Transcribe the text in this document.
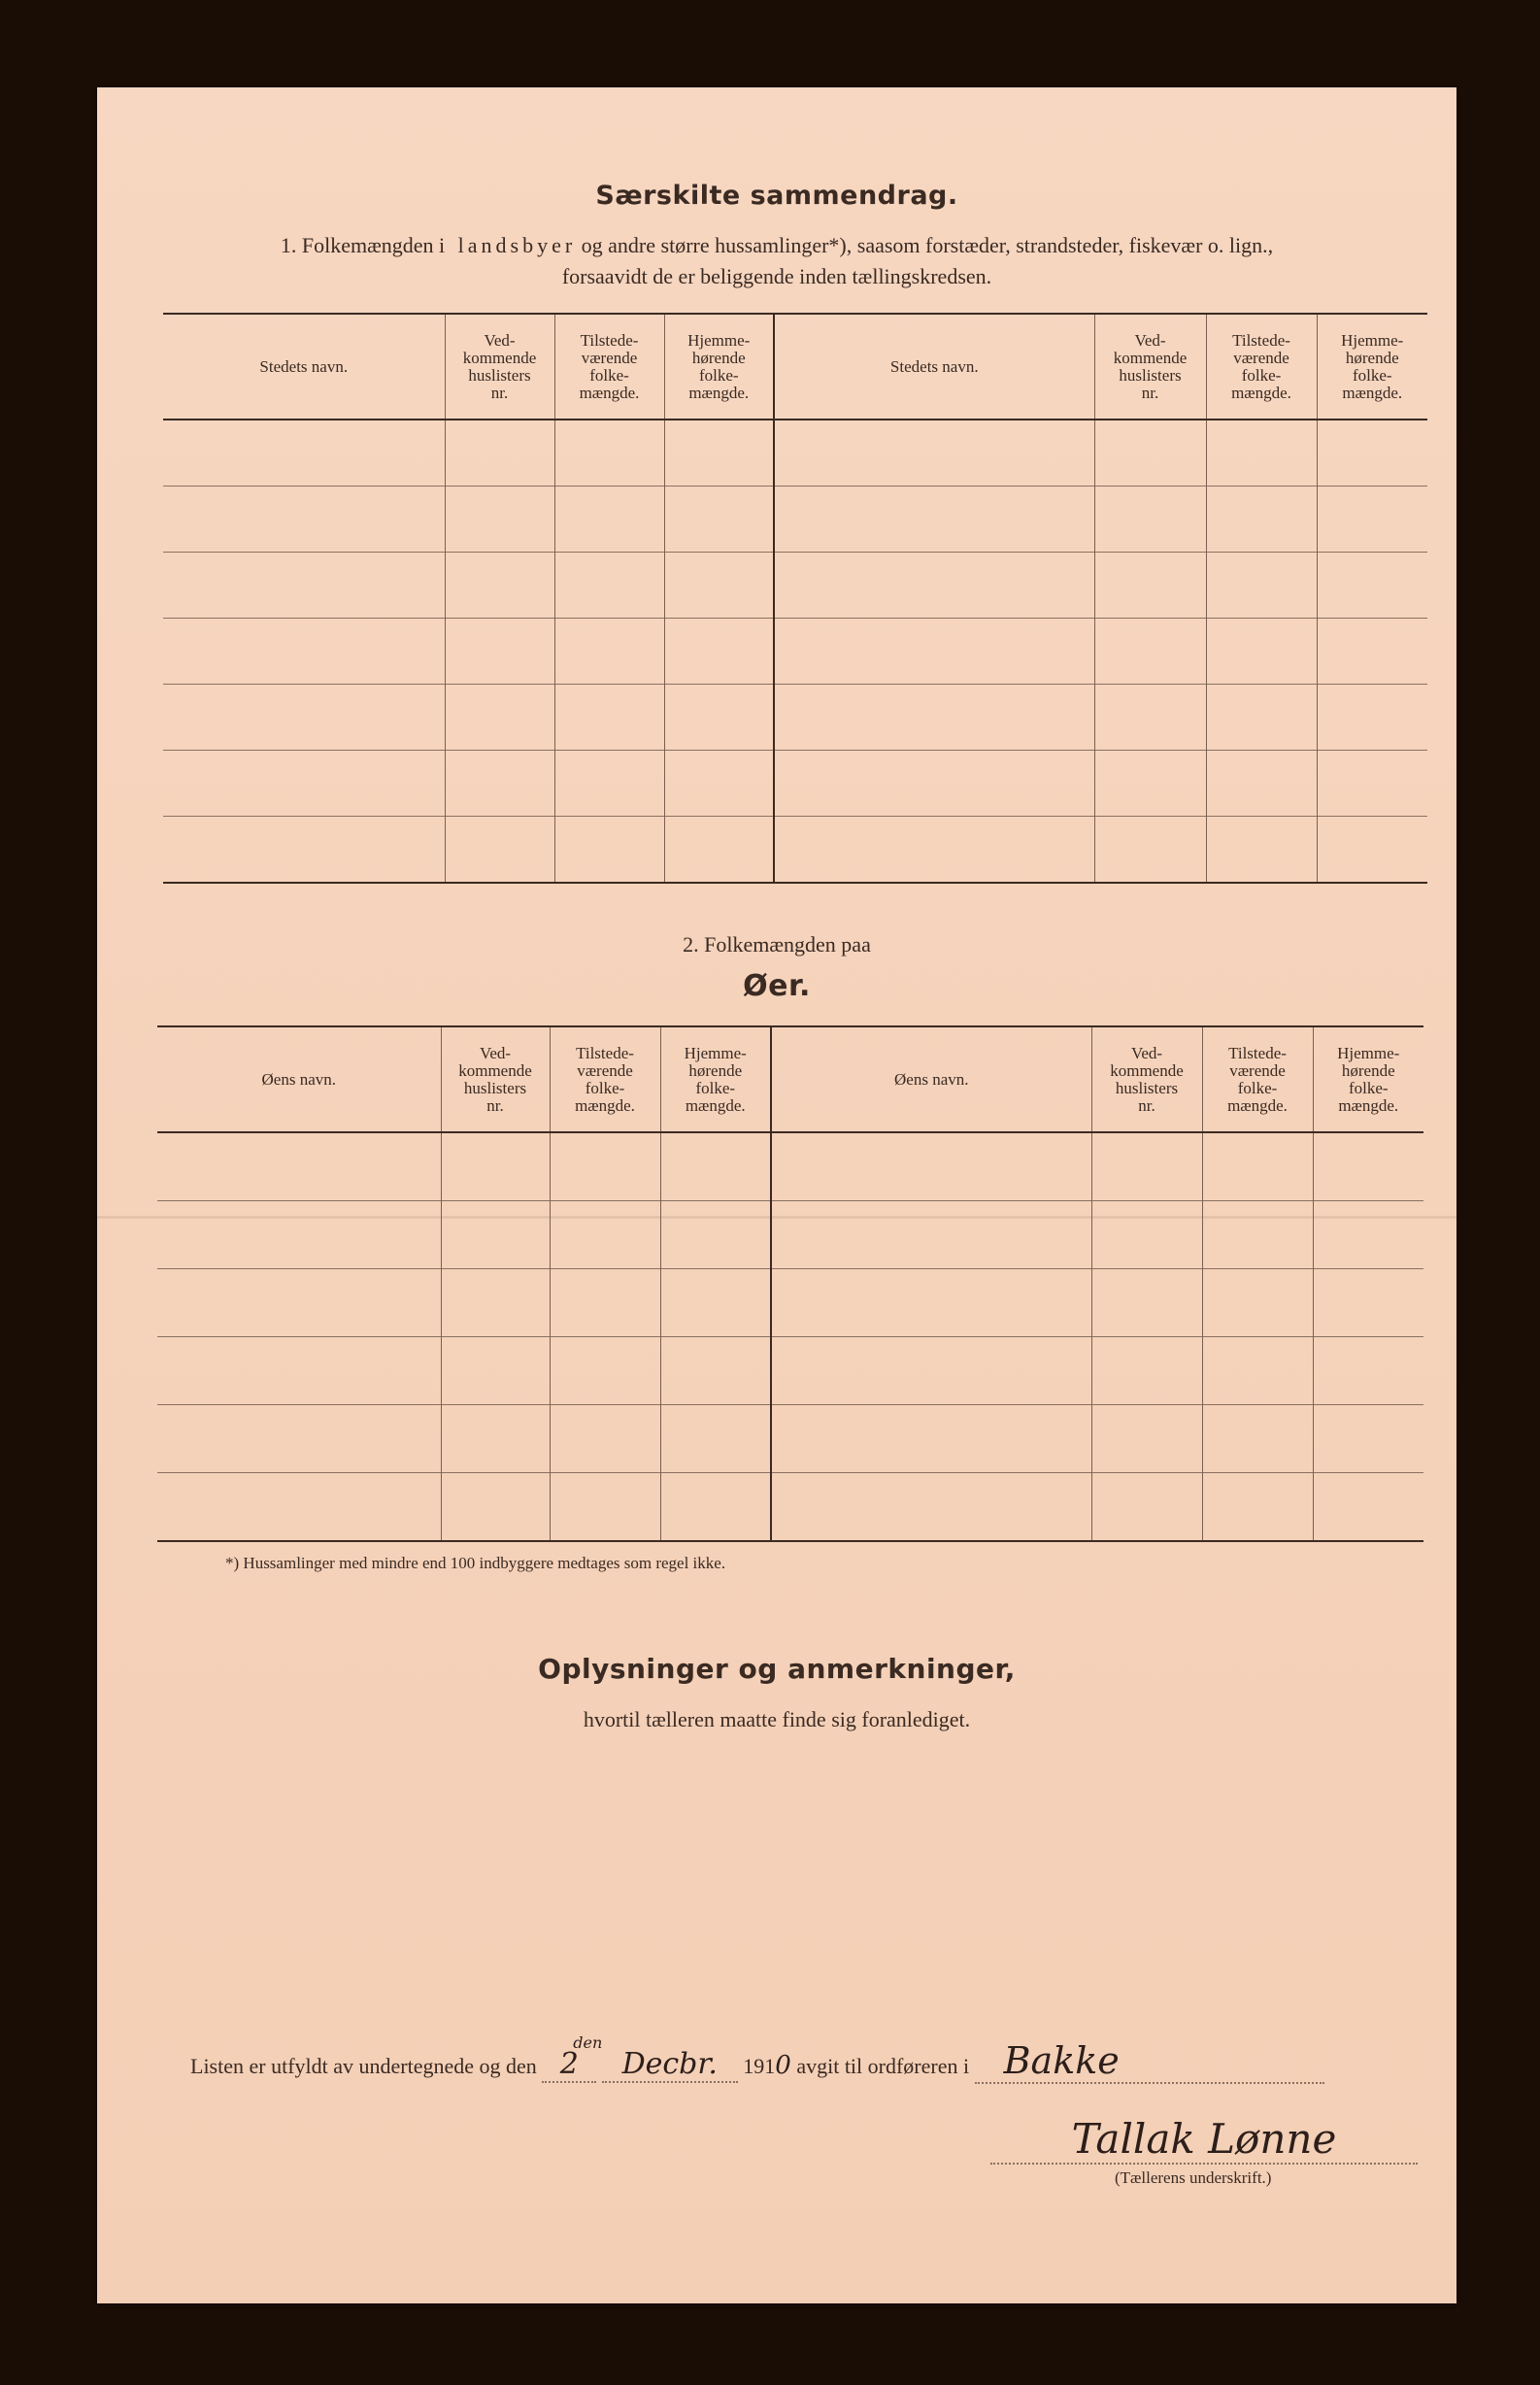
Særskilte sammendrag.
1. Folkemængden i landsbyer og andre større hussamlinger*), saasom forstæder, strandsteder, fiskevær o. lign.,
forsaavidt de er beliggende inden tællingskredsen.
Stedets navn.	Ved-
kommende
huslisters
nr.	Tilstede-
værende
folke-
mængde.	Hjemme-
hørende
folke-
mængde.	Stedets navn.	Ved-
kommende
huslisters
nr.	Tilstede-
værende
folke-
mængde.	Hjemme-
hørende
folke-
mængde.

2. Folkemængden paa
Øer.
Øens navn.	Ved-
kommende
huslisters
nr.	Tilstede-
værende
folke-
mængde.	Hjemme-
hørende
folke-
mængde.	Øens navn.	Ved-
kommende
huslisters
nr.	Tilstede-
værende
folke-
mængde.	Hjemme-
hørende
folke-
mængde.

*) Hussamlinger med mindre end 100 indbyggere medtages som regel ikke.
Oplysninger og anmerkninger,
hvortil tælleren maatte finde sig foranlediget.
Listen er utfyldt av undertegnede og den 2
den
Decbr. 1910 avgit til ordføreren i Bakke
Tallak Lønne
(Tællerens underskrift.)
